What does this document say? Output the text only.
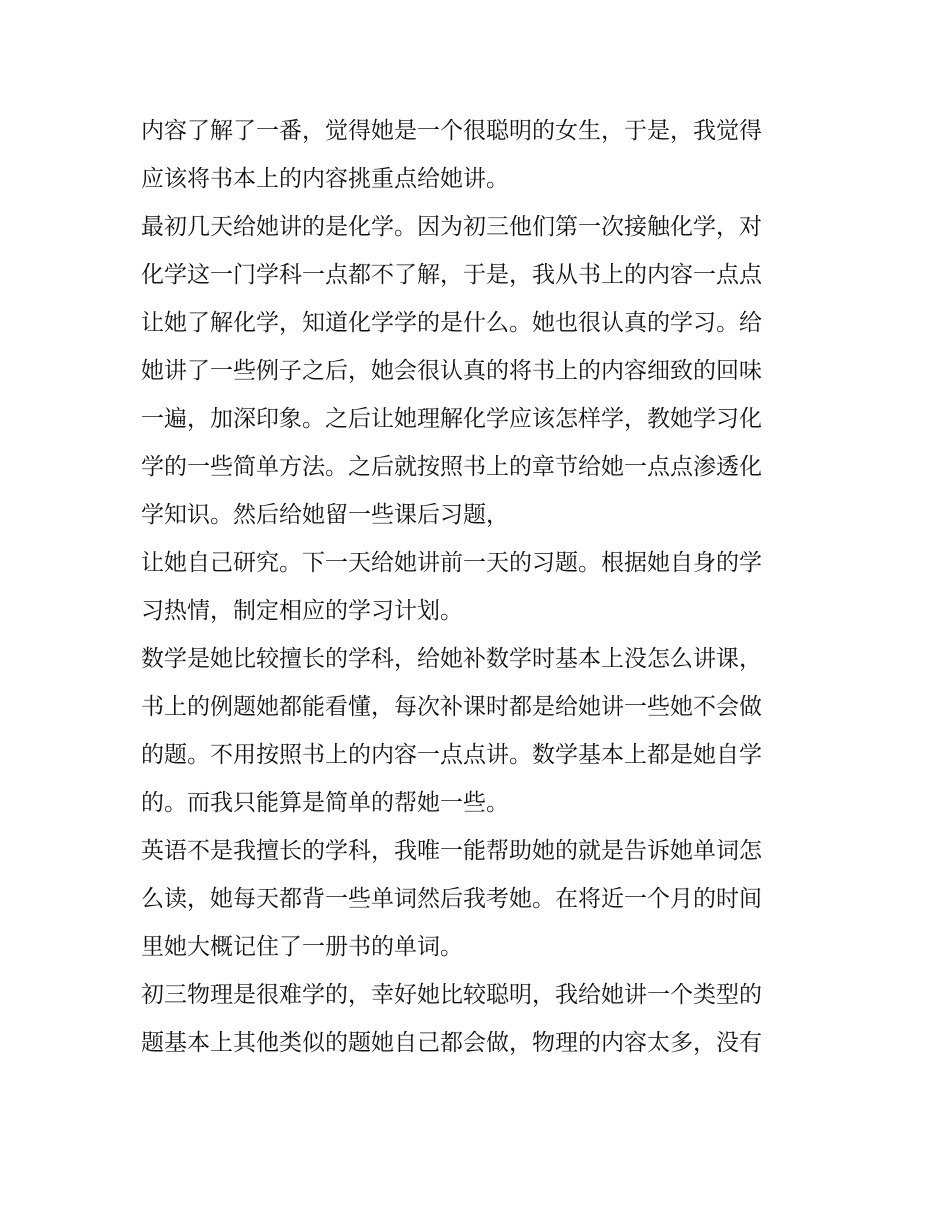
内容了解了一番，觉得她是一个很聪明的女生，于是，我觉得
应该将书本上的内容挑重点给她讲。
最初几天给她讲的是化学。因为初三他们第一次接触化学，对
化学这一门学科一点都不了解，于是，我从书上的内容一点点
让她了解化学，知道化学学的是什么。她也很认真的学习。给
她讲了一些例子之后，她会很认真的将书上的内容细致的回味
一遍，加深印象。之后让她理解化学应该怎样学，教她学习化
学的一些简单方法。之后就按照书上的章节给她一点点渗透化
学知识。然后给她留一些课后习题，
让她自己研究。下一天给她讲前一天的习题。根据她自身的学
习热情，制定相应的学习计划。
数学是她比较擅长的学科，给她补数学时基本上没怎么讲课，
书上的例题她都能看懂，每次补课时都是给她讲一些她不会做
的题。不用按照书上的内容一点点讲。数学基本上都是她自学
的。而我只能算是简单的帮她一些。
英语不是我擅长的学科，我唯一能帮助她的就是告诉她单词怎
么读，她每天都背一些单词然后我考她。在将近一个月的时间
里她大概记住了一册书的单词。
初三物理是很难学的，幸好她比较聪明，我给她讲一个类型的
题基本上其他类似的题她自己都会做，物理的内容太多，没有
